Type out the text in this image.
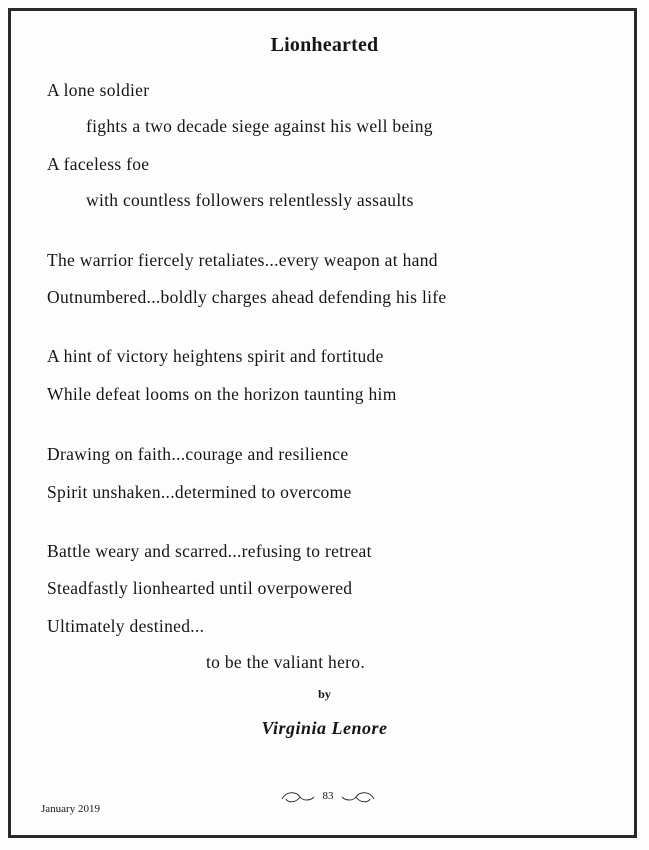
Lionhearted
A lone soldier
fights a two decade siege against his well being
A faceless foe
with countless followers relentlessly assaults
The warrior fiercely retaliates...every weapon at hand
Outnumbered...boldly charges ahead defending his life
A hint of victory heightens spirit and fortitude
While defeat looms on the horizon taunting him
Drawing on faith...courage and resilience
Spirit unshaken...determined to overcome
Battle weary and scarred...refusing to retreat
Steadfastly lionhearted until overpowered
Ultimately destined...
to be the valiant hero.
by
Virginia Lenore
January 2019
83
